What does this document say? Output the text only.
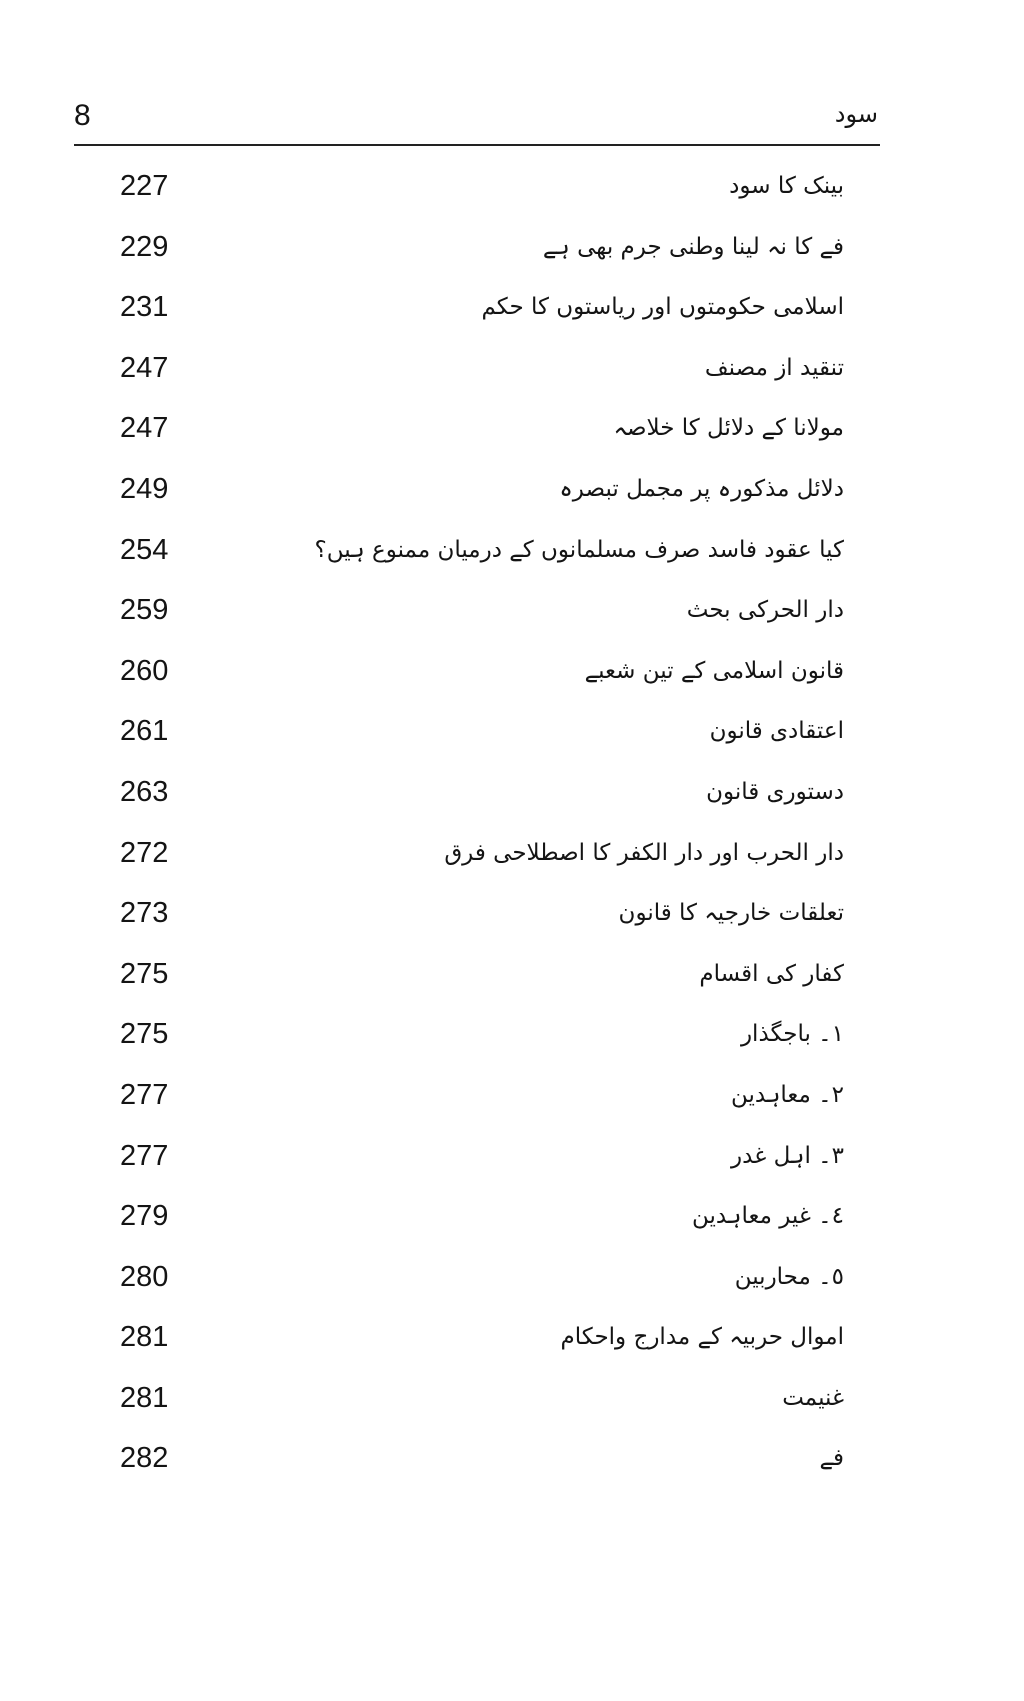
8	سود
بینک کا سود
227
فے کا نہ لینا وطنی جرم بھی ہے
229
اسلامی حکومتوں اور ریاستوں کا حکم
231
تنقید از مصنف
247
مولانا کے دلائل کا خلاصہ
247
دلائل مذکورہ پر مجمل تبصرہ
249
کیا عقود فاسد صرف مسلمانوں کے درمیان ممنوع ہیں؟
254
دار الحرکی بحث
259
قانون اسلامی کے تین شعبے
260
اعتقادی قانون
261
دستوری قانون
263
دار الحرب اور دار الکفر کا اصطلاحی فرق
272
تعلقات خارجیہ کا قانون
273
کفار کی اقسام
275
١۔ باجگذار
275
٢۔ معاہدین
277
٣۔ اہل غدر
277
٤۔ غیر معاہدین
279
٥۔ محاربین
280
اموال حربیہ کے مدارج واحکام
281
غنیمت
281
فے
282
